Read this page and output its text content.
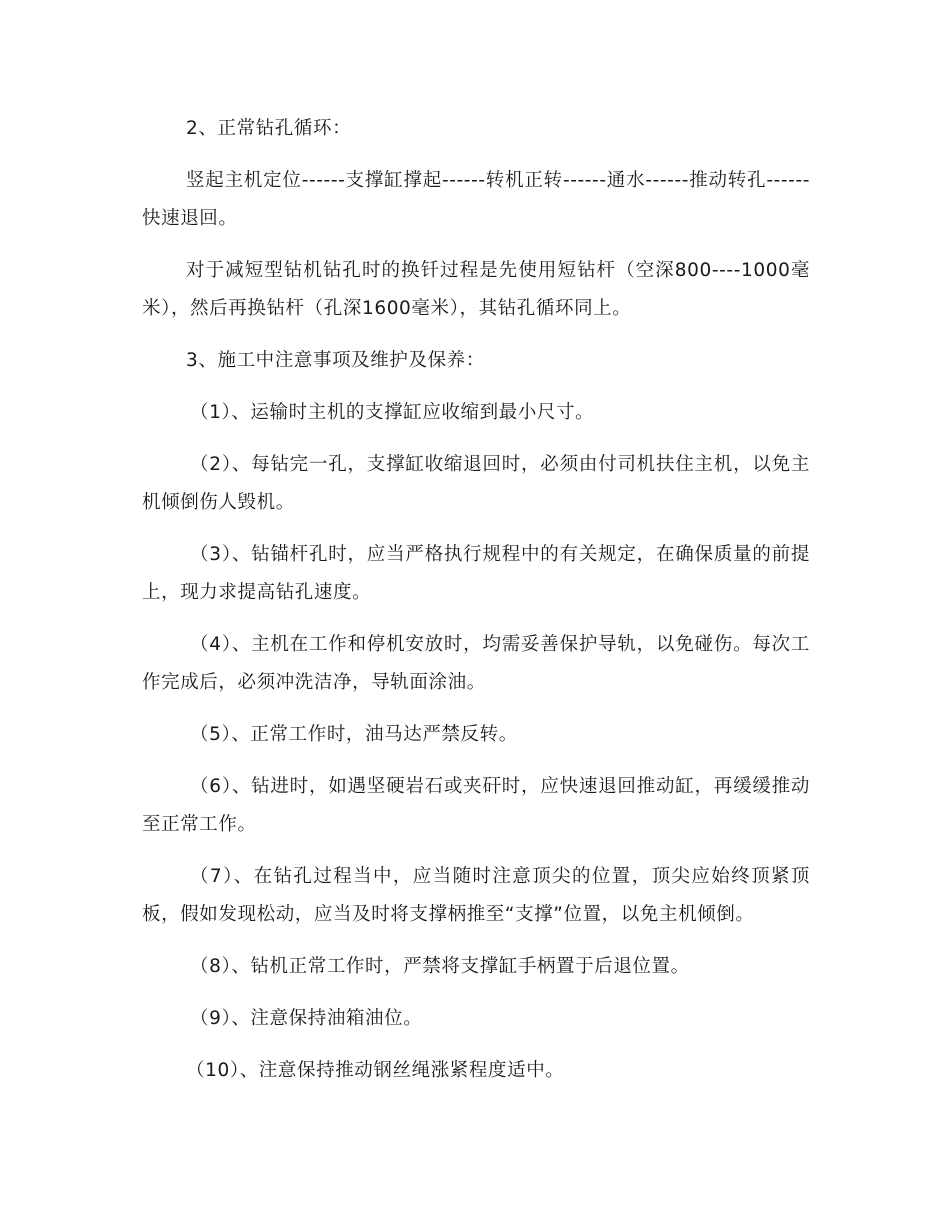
2、正常钻孔循环：

竖起主机定位------支撑缸撑起------转机正转------通水------推动转孔------快速退回。

对于减短型钻机钻孔时的换钎过程是先使用短钻杆（空深800----1000毫米），然后再换钻杆（孔深1600毫米），其钻孔循环同上。

3、施工中注意事项及维护及保养：

（1）、运输时主机的支撑缸应收缩到最小尺寸。

（2）、每钻完一孔，支撑缸收缩退回时，必须由付司机扶住主机，以免主机倾倒伤人毁机。

（3）、钻锚杆孔时，应当严格执行规程中的有关规定，在确保质量的前提上，现力求提高钻孔速度。

（4）、主机在工作和停机安放时，均需妥善保护导轨，以免碰伤。每次工作完成后，必须冲洗洁净，导轨面涂油。

（5）、正常工作时，油马达严禁反转。

（6）、钻进时，如遇坚硬岩石或夹矸时，应快速退回推动缸，再缓缓推动至正常工作。

（7）、在钻孔过程当中，应当随时注意顶尖的位置，顶尖应始终顶紧顶板，假如发现松动，应当及时将支撑柄推至“支撑”位置，以免主机倾倒。

（8）、钻机正常工作时，严禁将支撑缸手柄置于后退位置。

（9）、注意保持油箱油位。

（10）、注意保持推动钢丝绳涨紧程度适中。
